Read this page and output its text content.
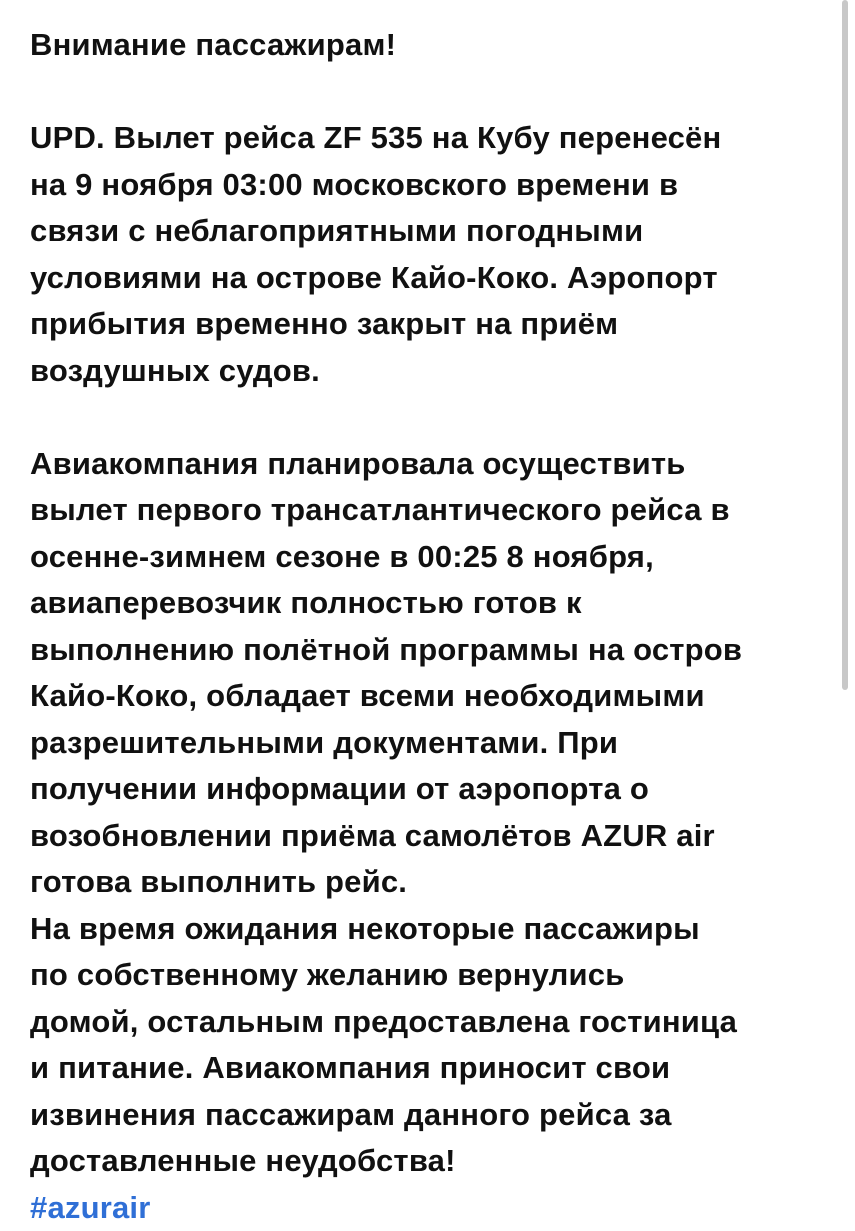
Внимание пассажирам!
UPD. Вылет рейса ZF 535 на Кубу перенесён
на 9 ноября 03:00 московского времени в
связи с неблагоприятными погодными
условиями на острове Кайо-Коко. Аэропорт
прибытия временно закрыт на приём
воздушных судов.
Авиакомпания планировала осуществить
вылет первого трансатлантического рейса в
осенне-зимнем сезоне в 00:25 8 ноября,
авиаперевозчик полностью готов к
выполнению полётной программы на остров
Кайо-Коко, обладает всеми необходимыми
разрешительными документами. При
получении информации от аэропорта о
возобновлении приёма самолётов AZUR air
готова выполнить рейс.
На время ожидания некоторые пассажиры
по собственному желанию вернулись
домой, остальным предоставлена гостиница
и питание. Авиакомпания приносит свои
извинения пассажирам данного рейса за
доставленные неудобства!
#azurair
